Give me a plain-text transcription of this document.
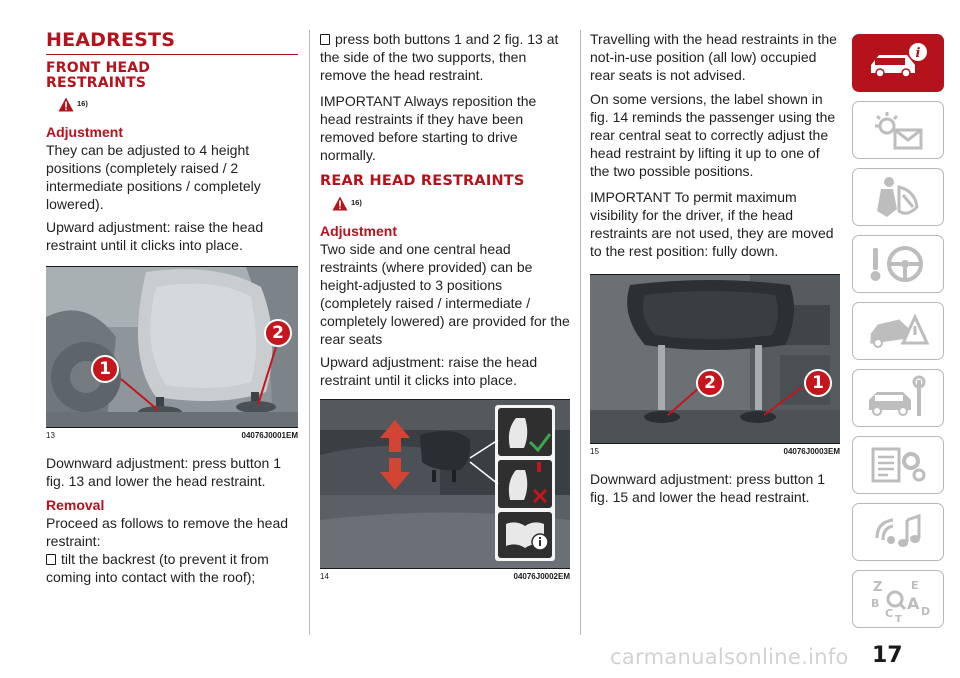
HEADRESTS
FRONT HEAD
RESTRAINTS
16)
Adjustment

They can be adjusted to 4 height positions (completely raised / 2 intermediate positions / completely lowered).

Upward adjustment: raise the head restraint until it clicks into place.

1
2
13	04076J0001EM

Downward adjustment: press button 1 fig. 13 and lower the head restraint.

Removal

Proceed as follows to remove the head restraint:

tilt the backrest (to prevent it from coming into contact with the roof);

press both buttons 1 and 2 fig. 13 at the side of the two supports, then remove the head restraint.

IMPORTANT Always reposition the head restraints if they have been removed before starting to drive normally.

REAR HEAD RESTRAINTS
16)
Adjustment

Two side and one central head restraints (where provided) can be height-adjusted to 3 positions (completely raised / intermediate / completely lowered) are provided for the rear seats

Upward adjustment: raise the head restraint until it clicks into place.

14	04076J0002EM

Travelling with the head restraints in the not-in-use position (all low) occupied rear seats is not advised.

On some versions, the label shown in fig. 14 reminds the passenger using the rear central seat to correctly adjust the head restraint by lifting it up to one of the two possible positions.

IMPORTANT To permit maximum visibility for the driver, if the head restraints are not used, they are moved to the rest position: fully down.

2	1
15	04076J0003EM

Downward adjustment: press button 1 fig. 15 and lower the head restraint.

i
Z	E
B A
C	D
T
carmanualsonline.info 17
